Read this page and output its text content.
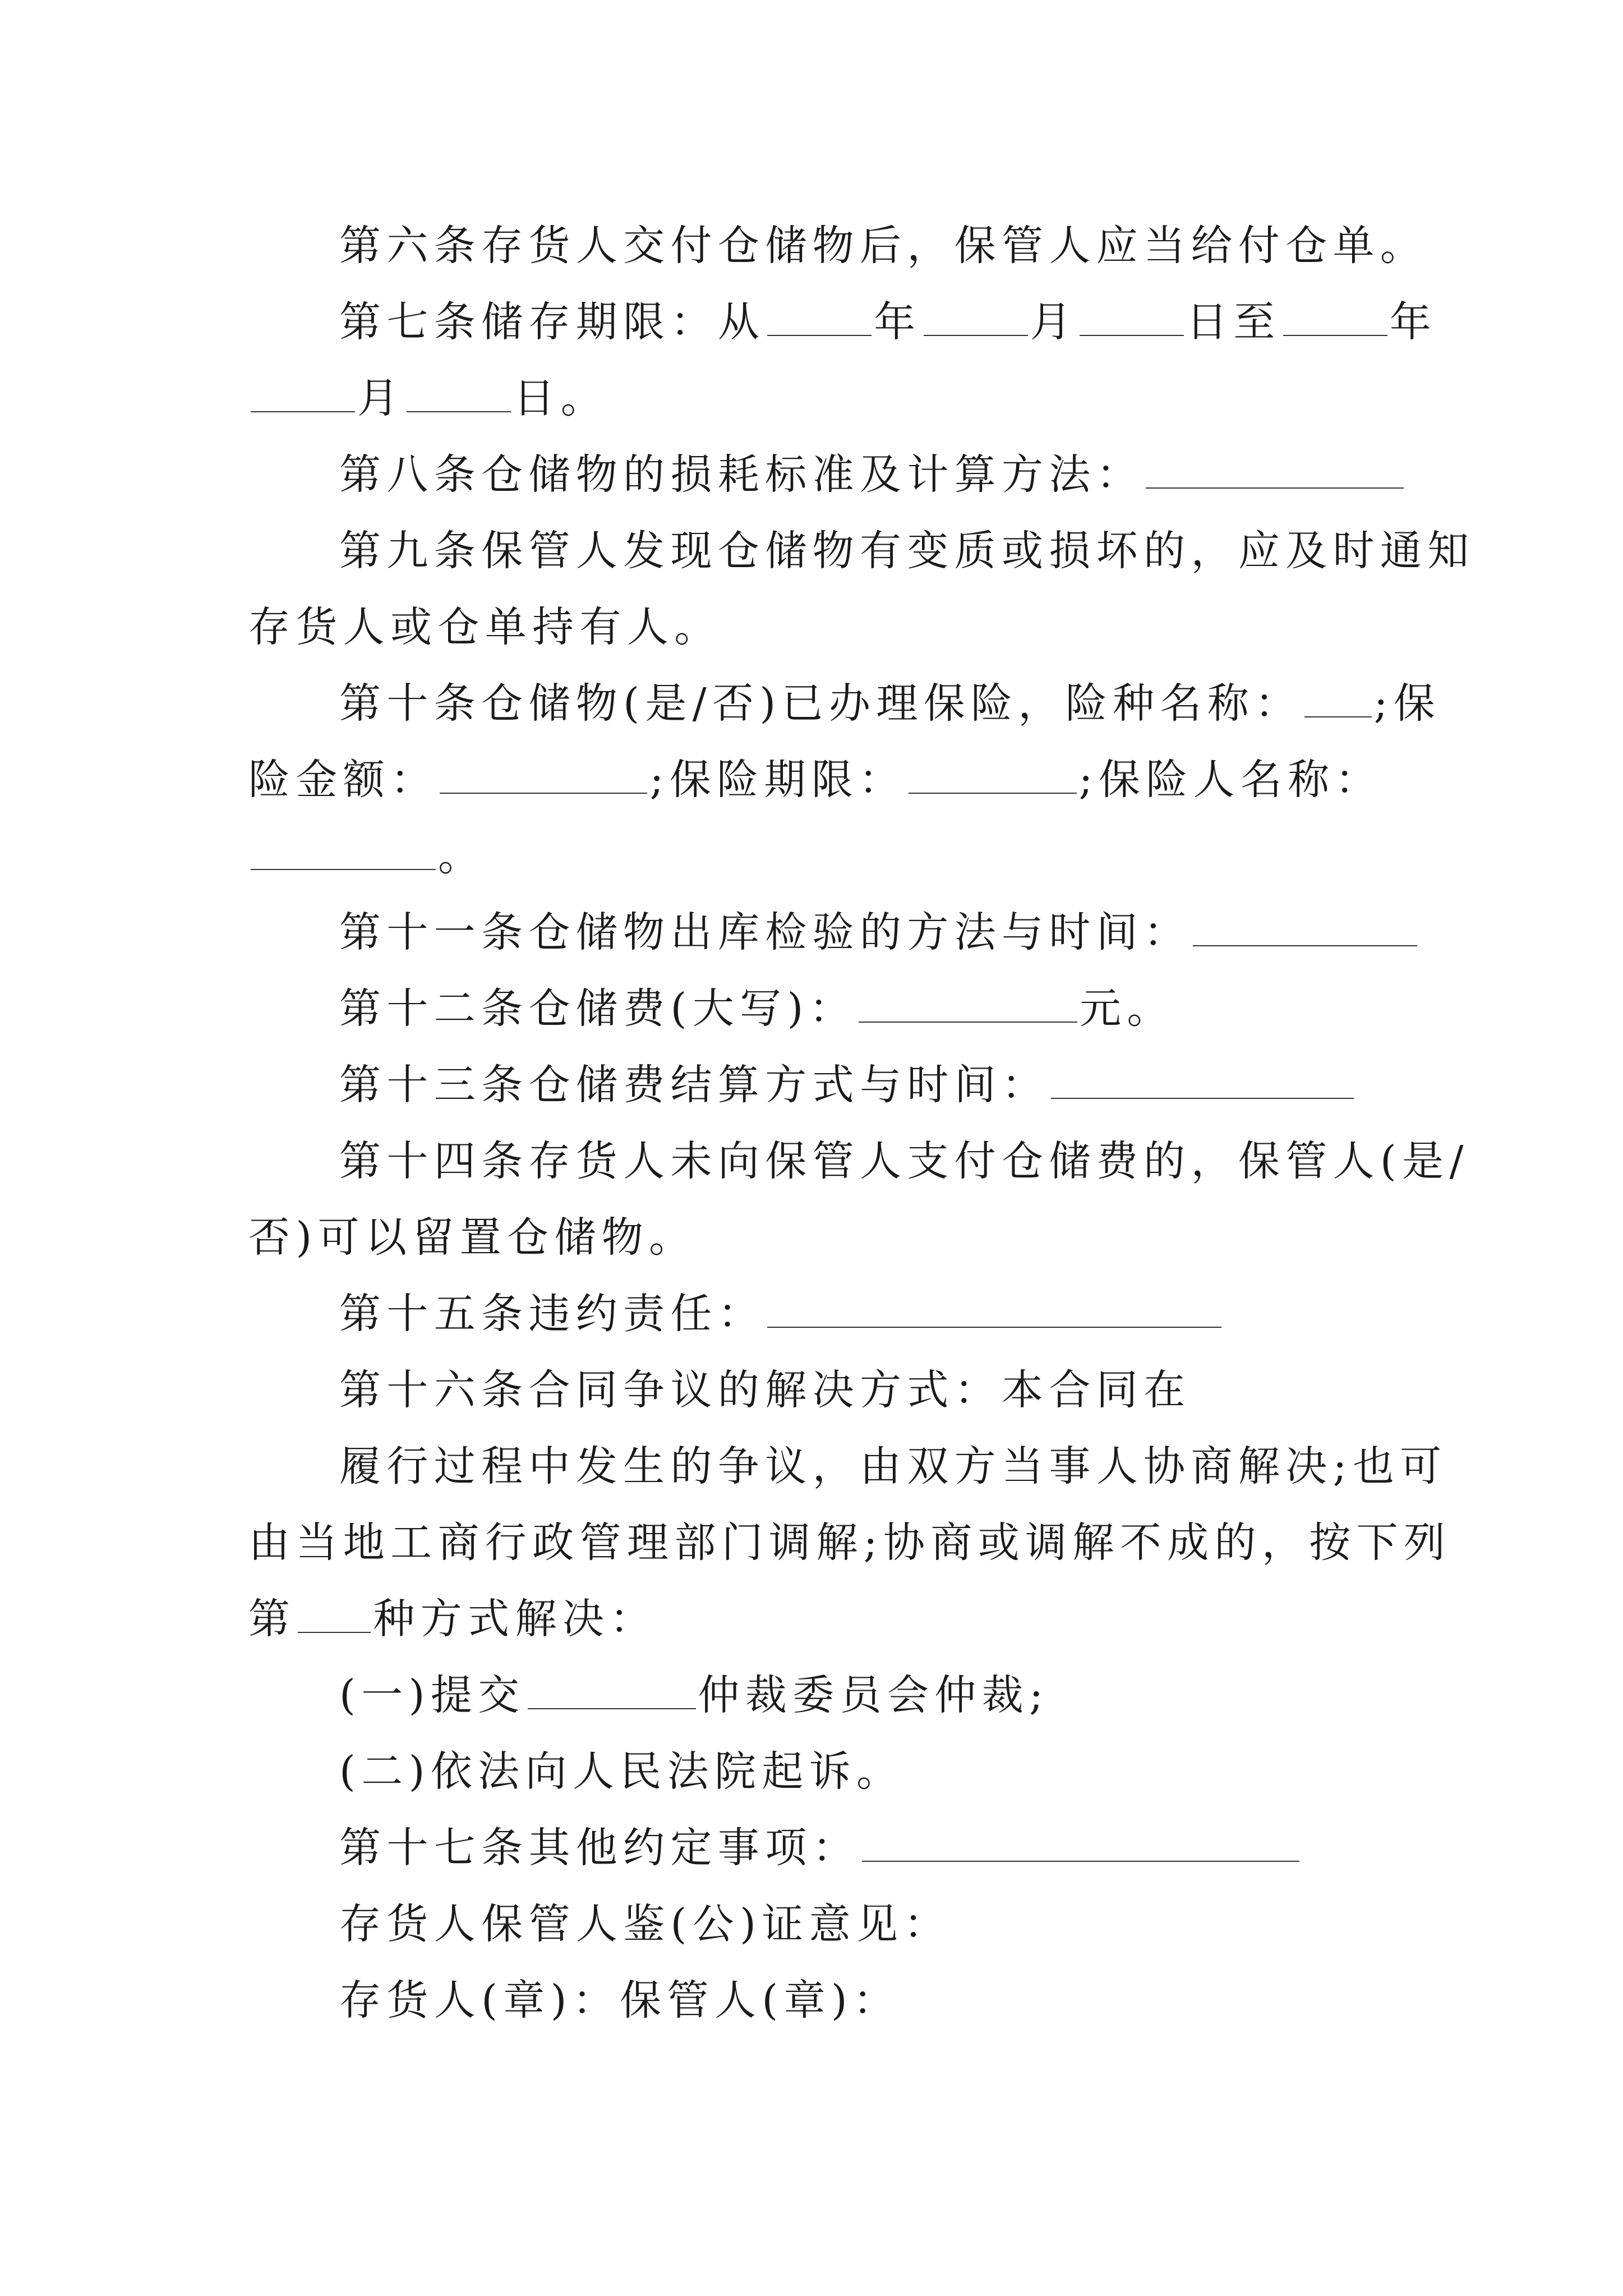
第六条存货人交付仓储物后，保管人应当给付仓单。

第七条储存期限：从	年	月	日至	年

月	日。

第八条仓储物的损耗标准及计算方法：

第九条保管人发现仓储物有变质或损坏的，应及时通知

存货人或仓单持有人。

第十条仓储物(是/否)已办理保险，险种名称： ;保

险金额：	;保险期限：	;保险人名称：

。

第十一条仓储物出库检验的方法与时间：

第十二条仓储费(大写)：	元。

第十三条仓储费结算方式与时间：

第十四条存货人未向保管人支付仓储费的，保管人(是/

否)可以留置仓储物。

第十五条违约责任：

第十六条合同争议的解决方式：本合同在

履行过程中发生的争议，由双方当事人协商解决;也可

由当地工商行政管理部门调解;协商或调解不成的，按下列

第 种方式解决：

(一)提交	仲裁委员会仲裁;

(二)依法向人民法院起诉。

第十七条其他约定事项：

存货人保管人鉴(公)证意见：

存货人(章)：保管人(章)：
